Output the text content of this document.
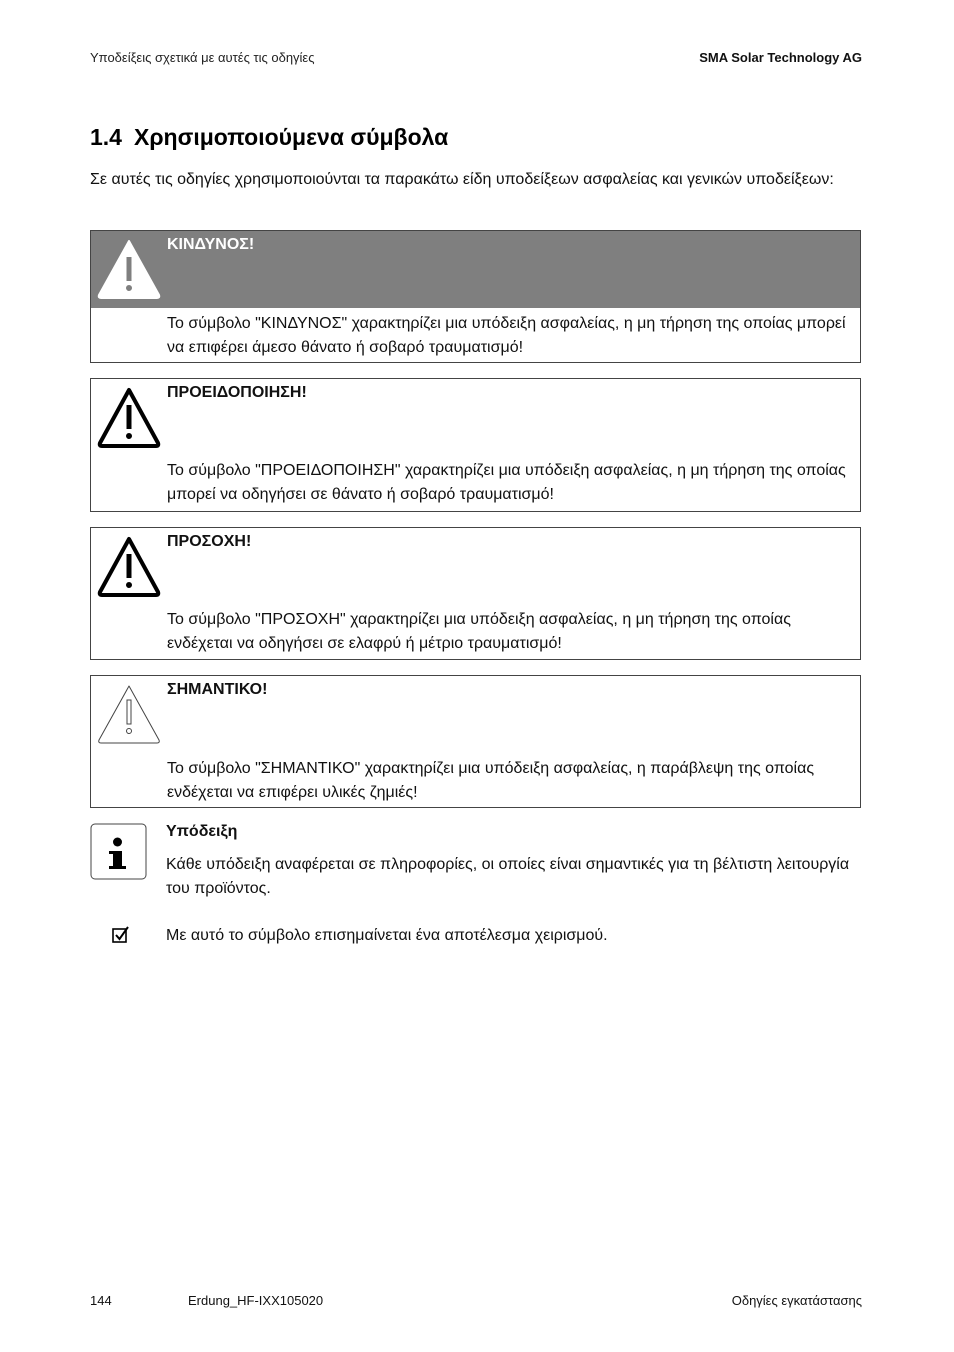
Υποδείξεις σχετικά με αυτές τις οδηγίες	SMA Solar Technology AG
1.4 Χρησιμοποιούμενα σύμβολα

Σε αυτές τις οδηγίες χρησιμοποιούνται τα παρακάτω είδη υποδείξεων ασφαλείας και γενικών υποδείξεων:

ΚΙΝΔΥΝΟΣ!
Το σύμβολο "ΚΙΝΔΥΝΟΣ" χαρακτηρίζει μια υπόδειξη ασφαλείας, η μη τήρηση της οποίας μπορεί να επιφέρει άμεσο θάνατο ή σοβαρό τραυματισμό!
ΠΡΟΕΙΔΟΠΟΙΗΣΗ!
Το σύμβολο "ΠΡΟΕΙΔΟΠΟΙΗΣΗ" χαρακτηρίζει μια υπόδειξη ασφαλείας, η μη τήρηση της οποίας μπορεί να οδηγήσει σε θάνατο ή σοβαρό τραυματισμό!
ΠΡΟΣΟΧΗ!
Το σύμβολο "ΠΡΟΣΟΧΗ" χαρακτηρίζει μια υπόδειξη ασφαλείας, η μη τήρηση της οποίας ενδέχεται να οδηγήσει σε ελαφρύ ή μέτριο τραυματισμό!
ΣΗΜΑΝΤΙΚΟ!
Το σύμβολο "ΣΗΜΑΝΤΙΚΟ" χαρακτηρίζει μια υπόδειξη ασφαλείας, η παράβλεψη της οποίας ενδέχεται να επιφέρει υλικές ζημιές!
Υπόδειξη
Κάθε υπόδειξη αναφέρεται σε πληροφορίες, οι οποίες είναι σημαντικές για τη βέλτιστη λειτουργία του προϊόντος.
Με αυτό το σύμβολο επισημαίνεται ένα αποτέλεσμα χειρισμού.
144	Erdung_HF-IXX105020	Οδηγίες εγκατάστασης
